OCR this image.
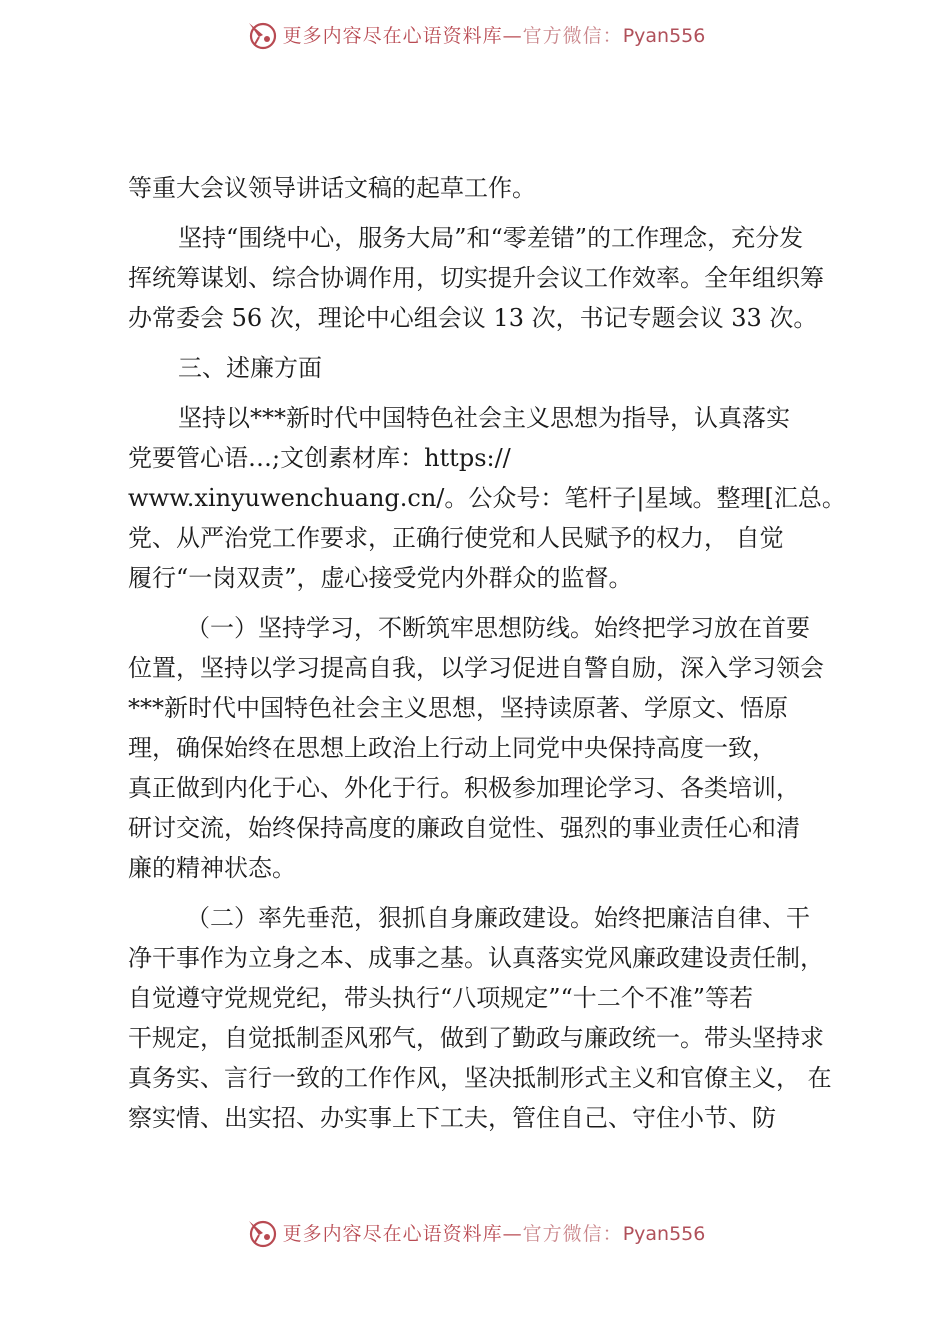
更多内容尽在心语资料库—官方微信：Pyan556
等重大会议领导讲话文稿的起草工作。
坚持“围绕中心，服务大局”和“零差错”的工作理念，充分发
挥统筹谋划、综合协调作用，切实提升会议工作效率。全年组织筹
办常委会 56 次，理论中心组会议 13 次，书记专题会议 33 次。
三、述廉方面
坚持以***新时代中国特色社会主义思想为指导，认真落实
党要管心语…;文创素材库：https://
www.xinyuwenchuang.cn/。公众号：笔杆子|星域。整理[汇总。
党、从严治党工作要求，正确行使党和人民赋予的权力， 自觉
履行“一岗双责”，虚心接受党内外群众的监督。
（一）坚持学习，不断筑牢思想防线。始终把学习放在首要
位置，坚持以学习提高自我，以学习促进自警自励，深入学习领会
***新时代中国特色社会主义思想，坚持读原著、学原文、悟原
理，确保始终在思想上政治上行动上同党中央保持高度一致，
真正做到内化于心、外化于行。积极参加理论学习、各类培训，
研讨交流，始终保持高度的廉政自觉性、强烈的事业责任心和清
廉的精神状态。
（二）率先垂范，狠抓自身廉政建设。始终把廉洁自律、干
净干事作为立身之本、成事之基。认真落实党风廉政建设责任制，
自觉遵守党规党纪，带头执行“八项规定”“十二个不准”等若
干规定，自觉抵制歪风邪气，做到了勤政与廉政统一。带头坚持求
真务实、言行一致的工作作风，坚决抵制形式主义和官僚主义， 在
察实情、出实招、办实事上下工夫，管住自己、守住小节、防
更多内容尽在心语资料库—官方微信：Pyan556
